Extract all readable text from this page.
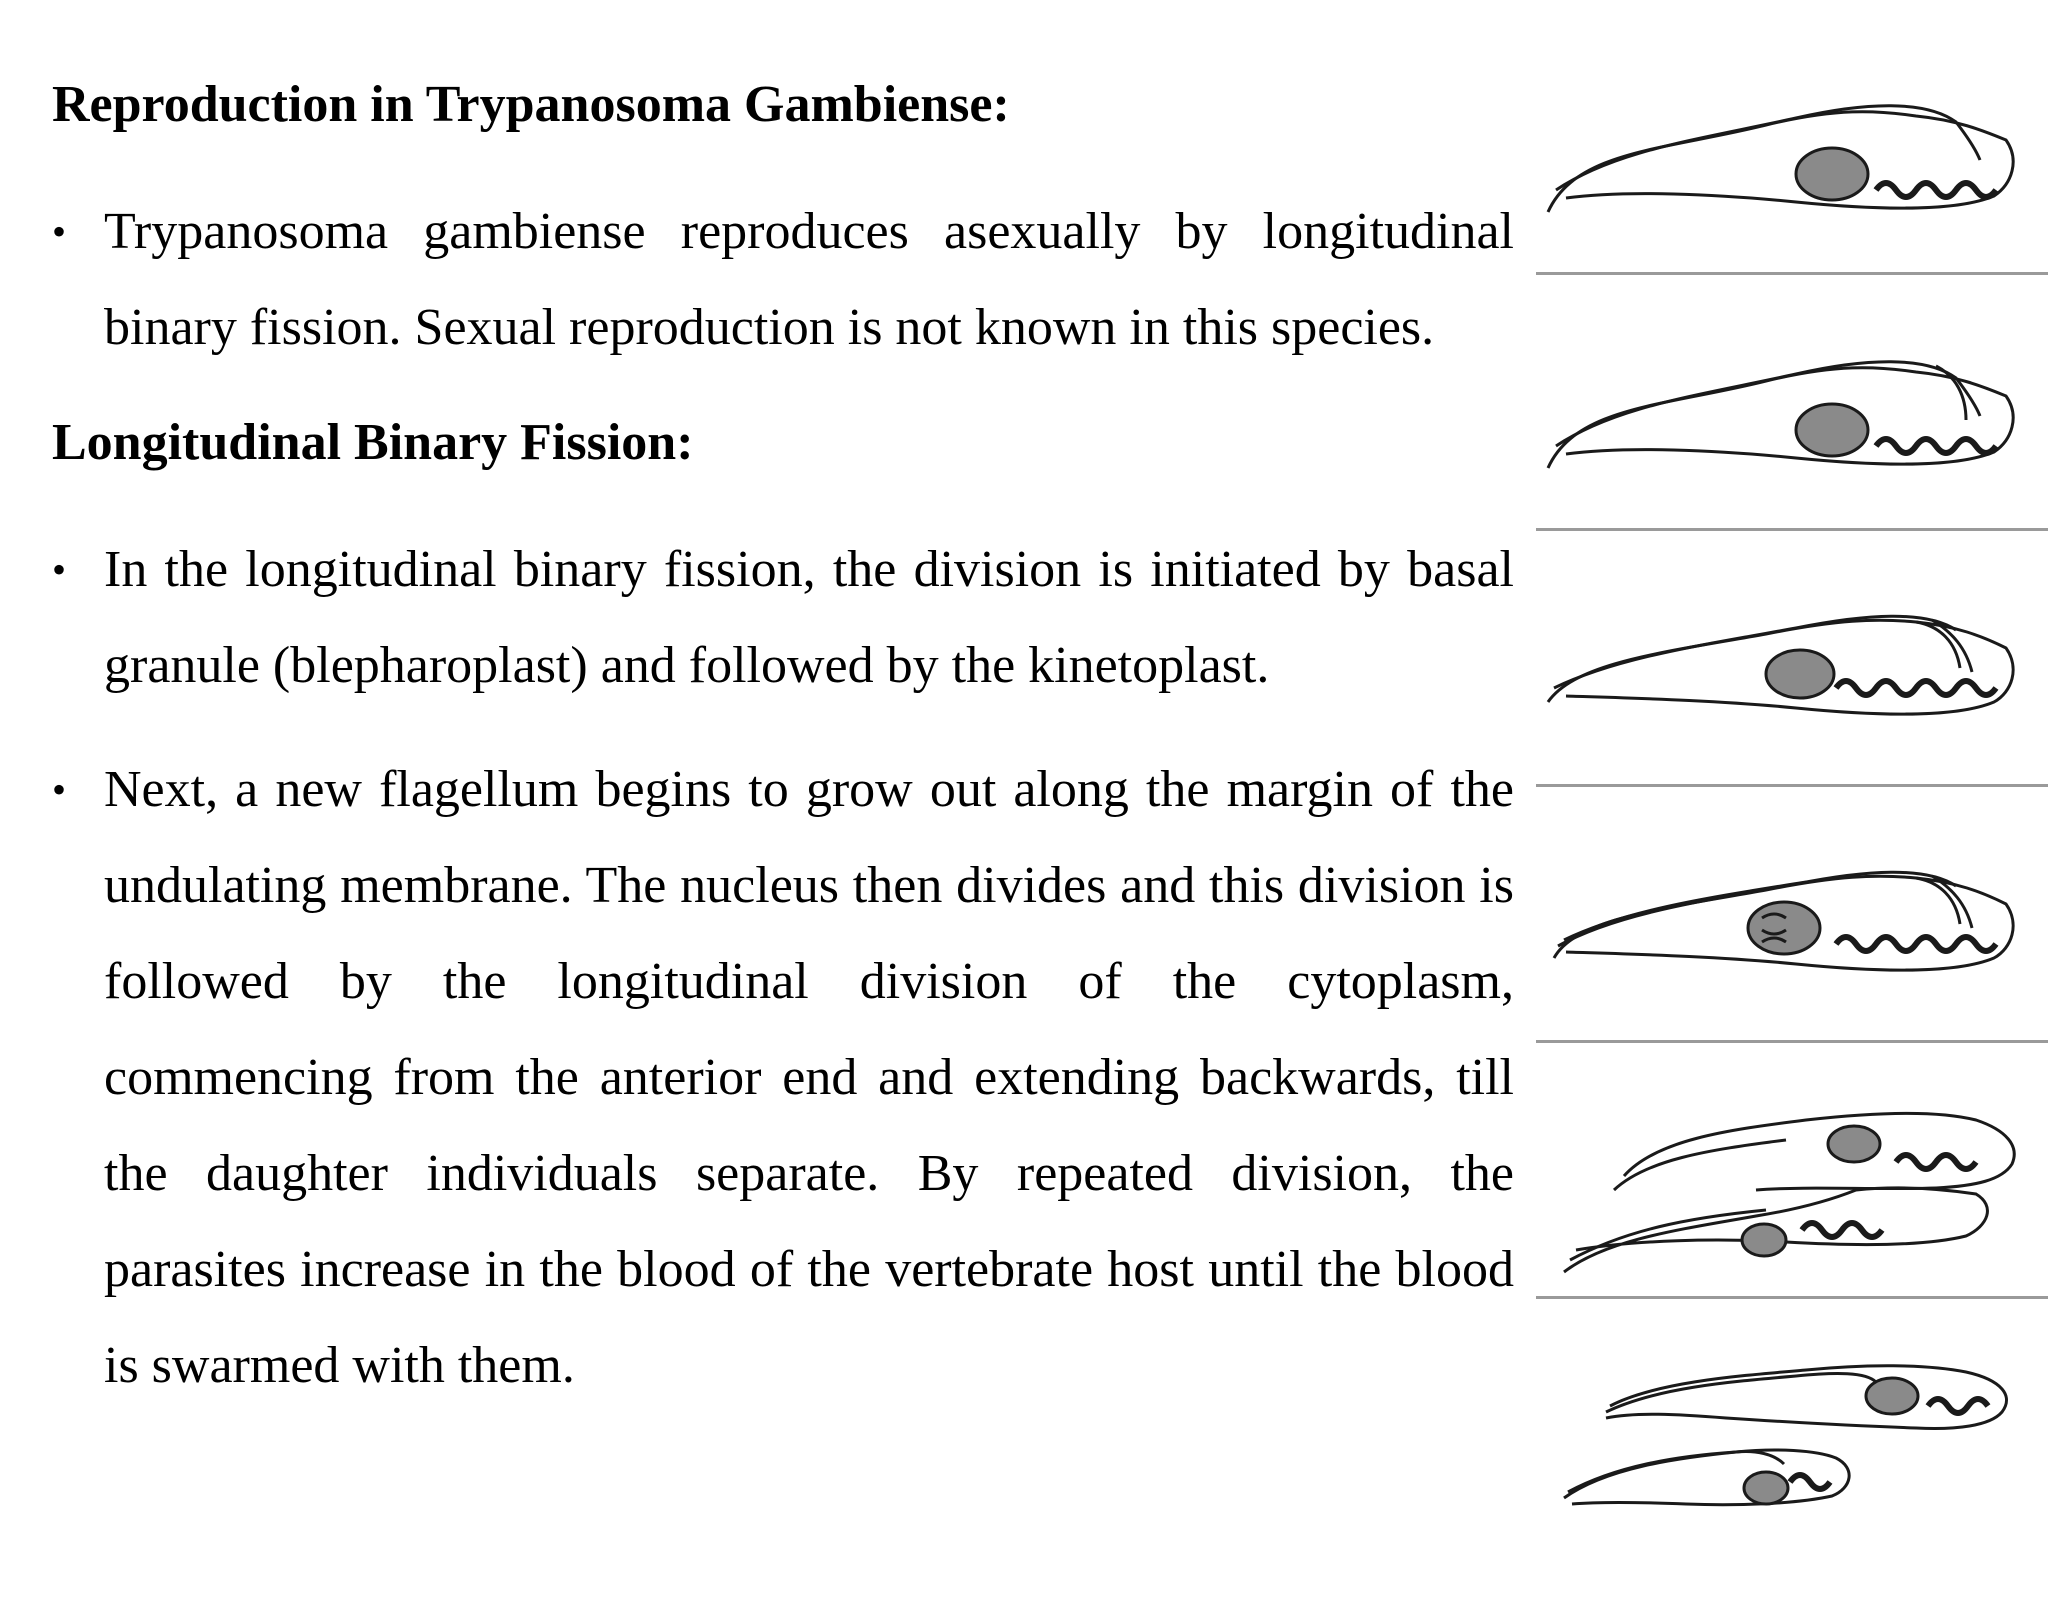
Reproduction in Trypanosoma Gambiense:

• Trypanosoma gambiense reproduces asexually by longitudinal binary fission. Sexual reproduction is not known in this species.

Longitudinal Binary Fission:

• In the longitudinal binary fission, the division is initiated by basal granule (blepharoplast) and followed by the kinetoplast.

• Next, a new flagellum begins to grow out along the margin of the undulating membrane. The nucleus then divides and this division is followed by the longitudinal division of the cytoplasm, commencing from the anterior end and extending backwards, till the daughter individuals separate. By repeated division, the parasites increase in the blood of the vertebrate host until the blood is swarmed with them.
